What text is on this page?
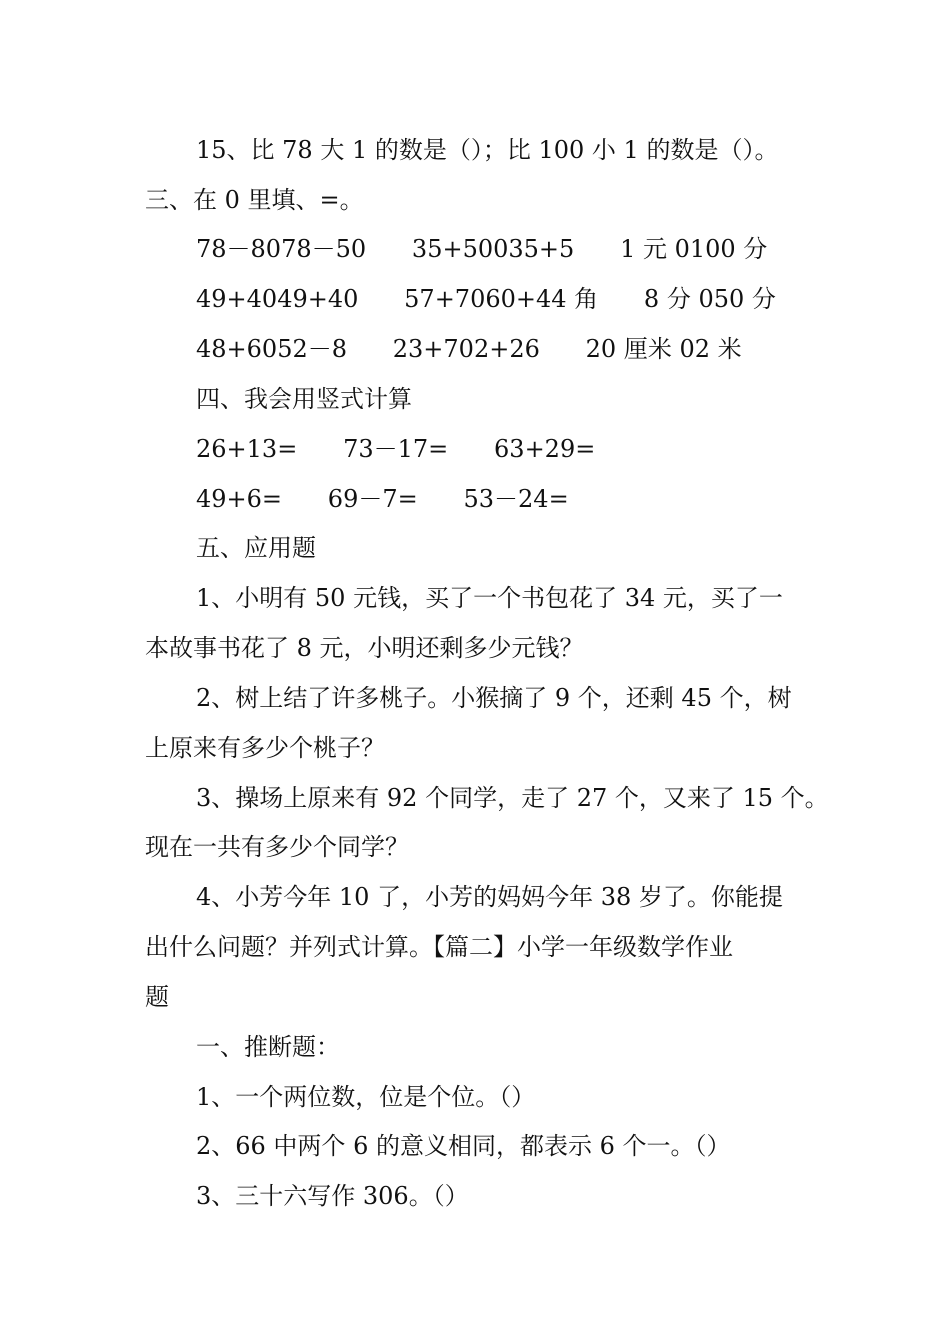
15、比 78 大 1 的数是（）；比 100 小 1 的数是（）。
三、在 0 里填、=。
78－8078－50      35+50035+5      1 元 0100 分
49+4049+40      57+7060+44 角      8 分 050 分
48+6052－8      23+702+26      20 厘米 02 米
四、我会用竖式计算
26+13=      73－17=      63+29=
49+6=      69－7=      53－24=
五、应用题
1、小明有 50 元钱，买了一个书包花了 34 元，买了一
本故事书花了 8 元，小明还剩多少元钱？
2、树上结了许多桃子。小猴摘了 9 个，还剩 45 个，树
上原来有多少个桃子？
3、操场上原来有 92 个同学，走了 27 个，又来了 15 个。
现在一共有多少个同学？
4、小芳今年 10 了，小芳的妈妈今年 38 岁了。你能提
出什么问题？并列式计算。【篇二】小学一年级数学作业
题
一、推断题：
1、一个两位数，位是个位。（）
2、66 中两个 6 的意义相同，都表示 6 个一。（）
3、三十六写作 306。（）
